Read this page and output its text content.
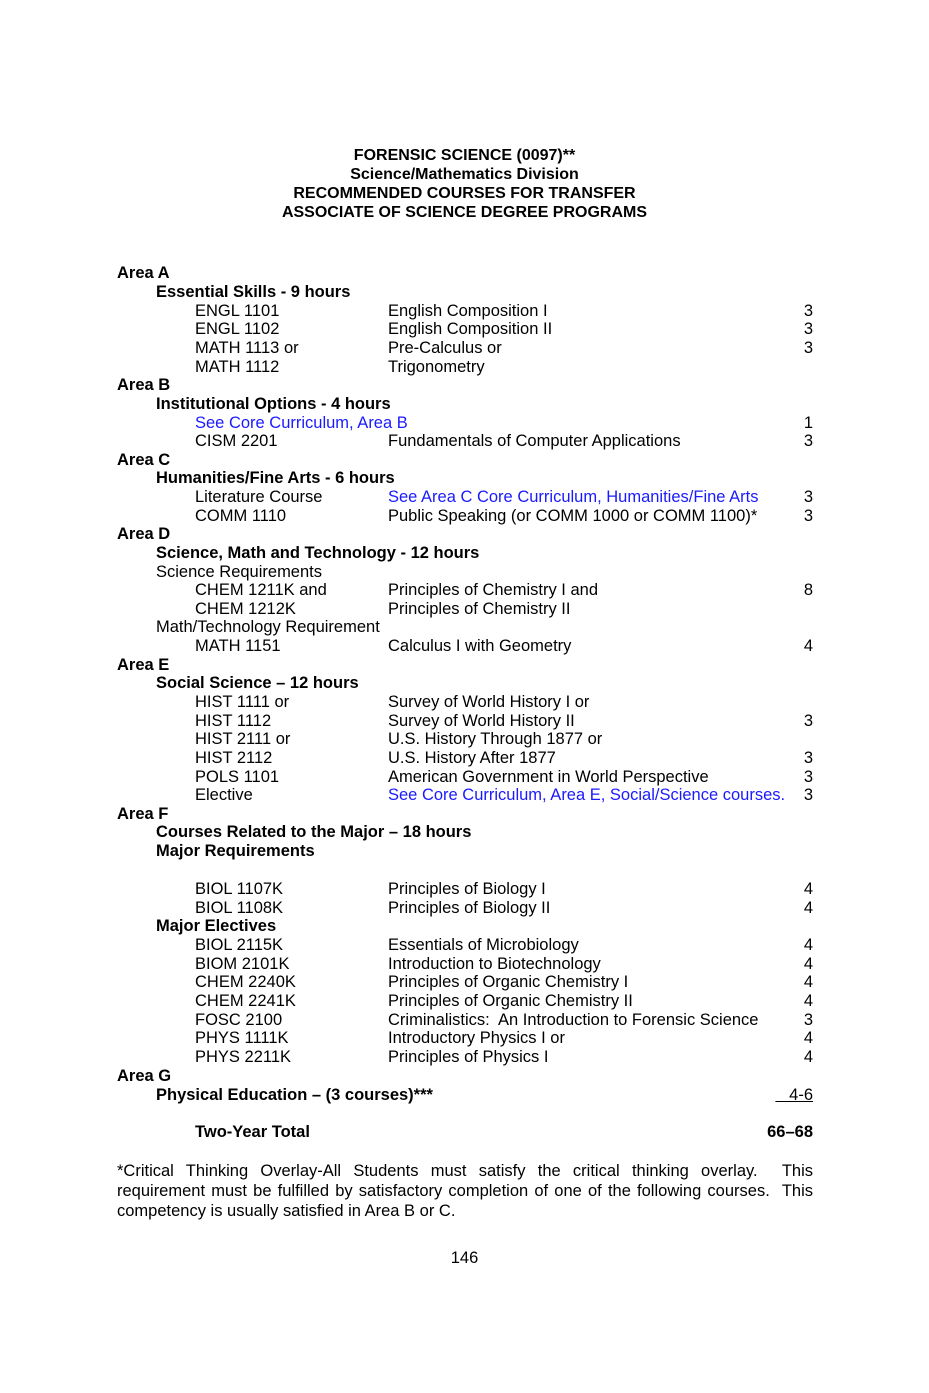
FORENSIC SCIENCE (0097)**
Science/Mathematics Division
RECOMMENDED COURSES FOR TRANSFER
ASSOCIATE OF SCIENCE DEGREE PROGRAMS
Area A
Essential Skills - 9 hours
ENGL 1101	English Composition I	3
ENGL 1102	English Composition II	3
MATH 1113 or	Pre-Calculus or	3
MATH 1112	Trigonometry
Area B
Institutional Options - 4 hours
See Core Curriculum, Area B	1
CISM 2201	Fundamentals of Computer Applications	3
Area C
Humanities/Fine Arts - 6 hours
Literature Course	See Area C Core Curriculum, Humanities/Fine Arts	3
COMM 1110	Public Speaking (or COMM 1000 or COMM 1100)*	3
Area D
Science, Math and Technology - 12 hours
Science Requirements
CHEM 1211K and	Principles of Chemistry I and	8
CHEM 1212K	Principles of Chemistry II
Math/Technology Requirement
MATH 1151	Calculus I with Geometry	4
Area E
Social Science – 12 hours
HIST 1111 or	Survey of World History I or
HIST 1112	Survey of World History II	3
HIST 2111 or	U.S. History Through 1877 or
HIST 2112	U.S. History After 1877	3
POLS 1101	American Government in World Perspective	3
Elective	See Core Curriculum, Area E, Social/Science courses. 3
Area F
Courses Related to the Major – 18 hours
Major Requirements
BIOL 1107K	Principles of Biology I	4
BIOL 1108K	Principles of Biology II	4
Major Electives
BIOL 2115K	Essentials of Microbiology	4
BIOM 2101K	Introduction to Biotechnology	4
CHEM 2240K	Principles of Organic Chemistry I	4
CHEM 2241K	Principles of Organic Chemistry II	4
FOSC 2100	Criminalistics:  An Introduction to Forensic Science	3
PHYS 1111K	Introductory Physics I or	4
PHYS 2211K	Principles of Physics I	4
Area G
Physical Education – (3 courses)***	4-6
Two-Year Total	66–68
*Critical Thinking Overlay-All Students must satisfy the critical thinking overlay.  This requirement must be fulfilled by satisfactory completion of one of the following courses.  This competency is usually satisfied in Area B or C.
146
